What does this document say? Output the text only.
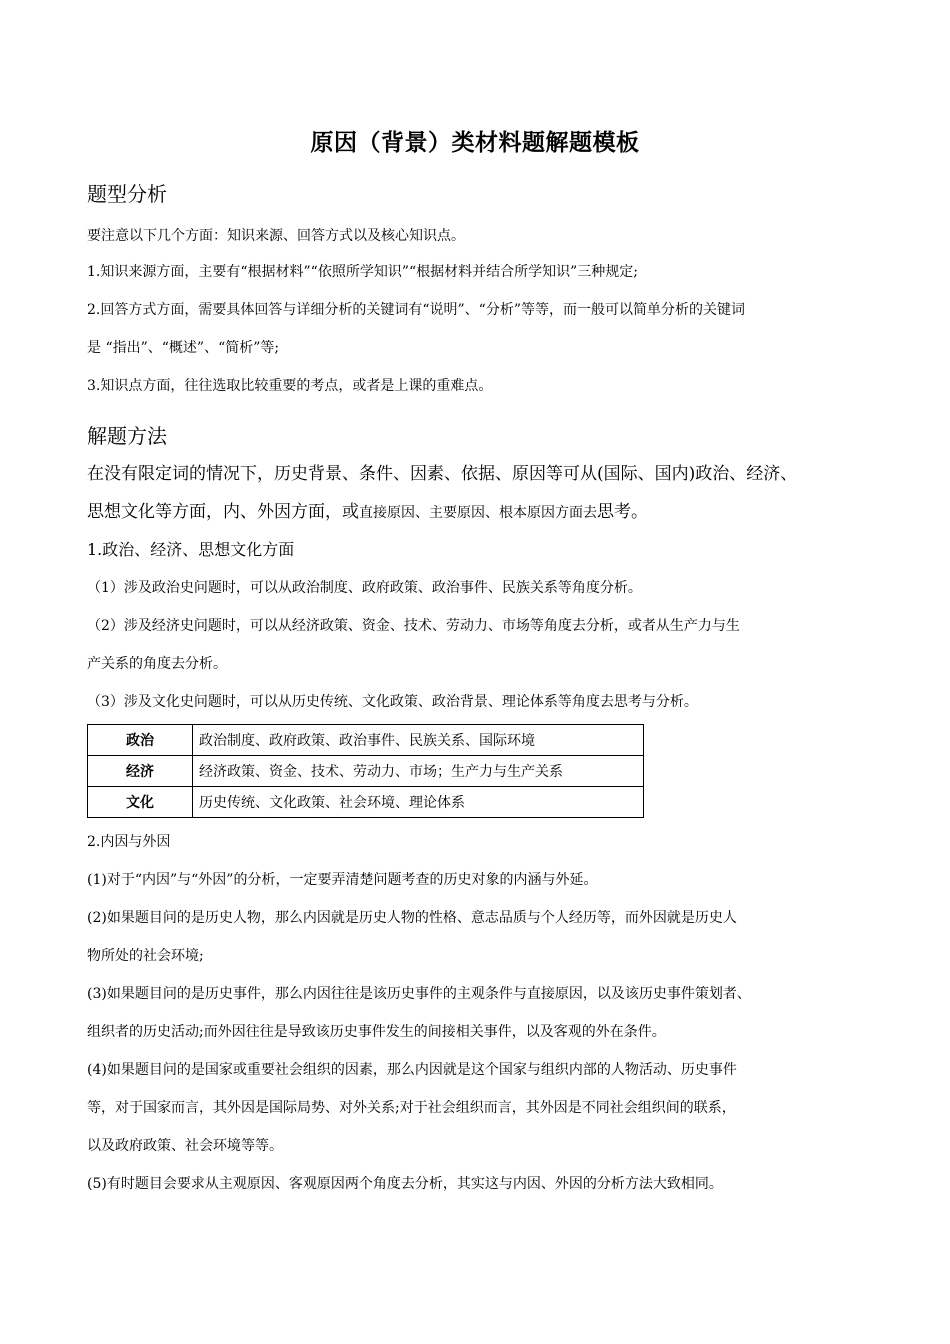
原因（背景）类材料题解题模板
题型分析
要注意以下几个方面：知识来源、回答方式以及核心知识点。
1.知识来源方面，主要有“根据材料”“依照所学知识”“根据材料并结合所学知识”三种规定;
2.回答方式方面，需要具体回答与详细分析的关键词有“说明”、“分析”等等，而一般可以简单分析的关键词
是 “指出”、“概述”、“简析”等;
3.知识点方面，往往选取比较重要的考点，或者是上课的重难点。
解题方法
在没有限定词的情况下，历史背景、条件、因素、依据、原因等可从(国际、国内)政治、经济、
思想文化等方面，内、外因方面，或直接原因、主要原因、根本原因方面去思考。
1.政治、经济、思想文化方面
（1）涉及政治史问题时，可以从政治制度、政府政策、政治事件、民族关系等角度分析。
（2）涉及经济史问题时，可以从经济政策、资金、技术、劳动力、市场等角度去分析，或者从生产力与生
产关系的角度去分析。
（3）涉及文化史问题时，可以从历史传统、文化政策、政治背景、理论体系等角度去思考与分析。
政治	政治制度、政府政策、政治事件、民族关系、国际环境
经济	经济政策、资金、技术、劳动力、市场；生产力与生产关系
文化	历史传统、文化政策、社会环境、理论体系
2.内因与外因
(1)对于“内因”与“外因”的分析，一定要弄清楚问题考查的历史对象的内涵与外延。
(2)如果题目问的是历史人物，那么内因就是历史人物的性格、意志品质与个人经历等，而外因就是历史人
物所处的社会环境;
(3)如果题目问的是历史事件，那么内因往往是该历史事件的主观条件与直接原因，以及该历史事件策划者、
组织者的历史活动;而外因往往是导致该历史事件发生的间接相关事件，以及客观的外在条件。
(4)如果题目问的是国家或重要社会组织的因素，那么内因就是这个国家与组织内部的人物活动、历史事件
等，对于国家而言，其外因是国际局势、对外关系;对于社会组织而言，其外因是不同社会组织间的联系，
以及政府政策、社会环境等等。
(5)有时题目会要求从主观原因、客观原因两个角度去分析，其实这与内因、外因的分析方法大致相同。
